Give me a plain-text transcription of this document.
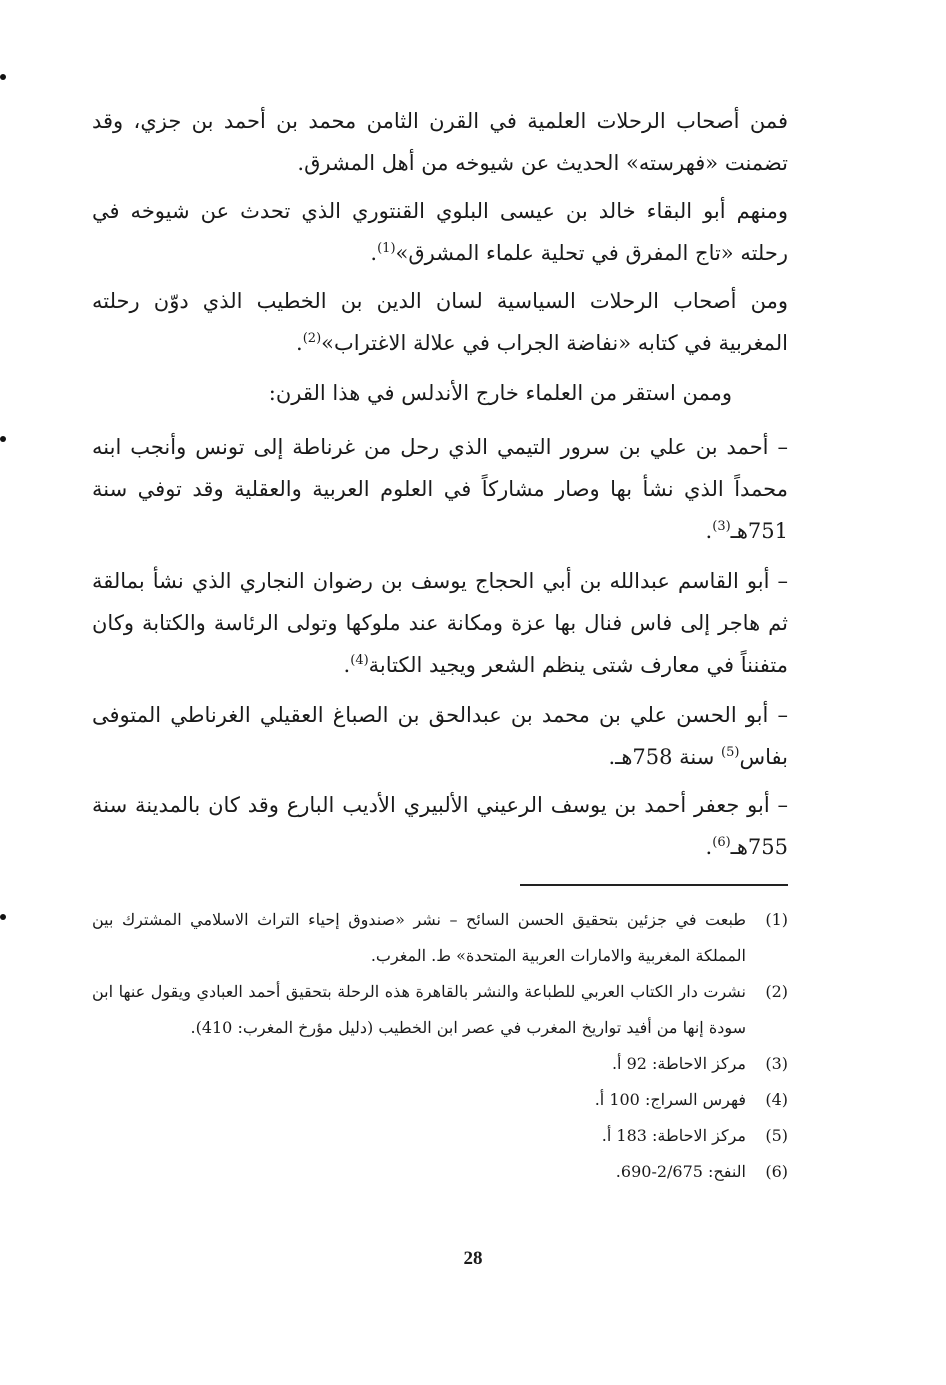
فمن أصحاب الرحلات العلمية في القرن الثامن محمد بن أحمد بن جزي، وقد تضمنت «فهرسته» الحديث عن شيوخه من أهل المشرق.

ومنهم أبو البقاء خالد بن عيسى البلوي القنتوري الذي تحدث عن شيوخه في رحلته «تاج المفرق في تحلية علماء المشرق»$^{(1)}$.

ومن أصحاب الرحلات السياسية لسان الدين بن الخطيب الذي دوّن رحلته المغربية في كتابه «نفاضة الجراب في علالة الاغتراب»$^{(2)}$.

وممن استقر من العلماء خارج الأندلس في هذا القرن:

– أحمد بن علي بن سرور التيمي الذي رحل من غرناطة إلى تونس وأنجب ابنه محمداً الذي نشأ بها وصار مشاركاً في العلوم العربية والعقلية وقد توفي سنة 751هـ$^{(3)}$.

– أبو القاسم عبدالله بن أبي الحجاج يوسف بن رضوان النجاري الذي نشأ بمالقة ثم هاجر إلى فاس فنال بها عزة ومكانة عند ملوكها وتولى الرئاسة والكتابة وكان متفنناً في معارف شتى ينظم الشعر ويجيد الكتابة$^{(4)}$.

– أبو الحسن علي بن محمد بن عبدالحق بن الصباغ العقيلي الغرناطي المتوفى بفاس$^{(5)}$ سنة 758هـ.

– أبو جعفر أحمد بن يوسف الرعيني الألبيري الأديب البارع وقد كان بالمدينة سنة 755هـ$^{(6)}$.

(1)
طبعت في جزئين بتحقيق الحسن السائح – نشر «صندوق إحياء التراث الاسلامي المشترك بين المملكة المغربية والامارات العربية المتحدة» ط. المغرب.
(2)
نشرت دار الكتاب العربي للطباعة والنشر بالقاهرة هذه الرحلة بتحقيق أحمد العبادي ويقول عنها ابن سودة إنها من أفيد تواريخ المغرب في عصر ابن الخطيب (دليل مؤرخ المغرب: 410).
(3)
مركز الاحاطة: 92 أ.
(4)
فهرس السراج: 100 أ.
(5)
مركز الاحاطة: 183 أ.
(6)
النفح: 2/675-690.
28
